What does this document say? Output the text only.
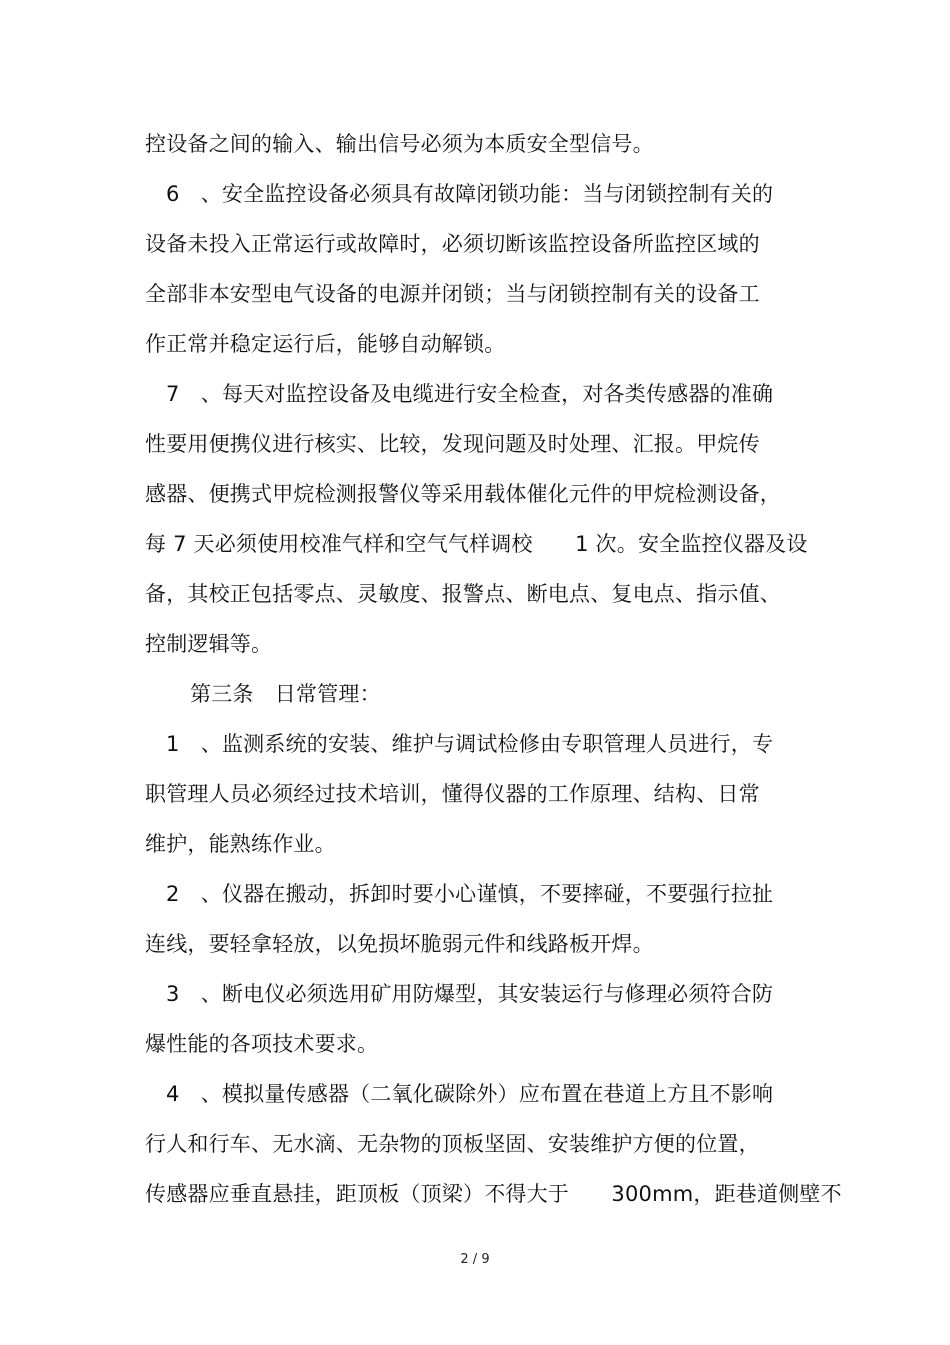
控设备之间的输入、输出信号必须为本质安全型信号。
6　、安全监控设备必须具有故障闭锁功能：当与闭锁控制有关的
设备未投入正常运行或故障时，必须切断该监控设备所监控区域的
全部非本安型电气设备的电源并闭锁；当与闭锁控制有关的设备工
作正常并稳定运行后，能够自动解锁。
7　、每天对监控设备及电缆进行安全检查，对各类传感器的准确
性要用便携仪进行核实、比较，发现问题及时处理、汇报。甲烷传
感器、便携式甲烷检测报警仪等采用载体催化元件的甲烷检测设备，
每 7 天必须使用校准气样和空气气样调校　　1 次。安全监控仪器及设
备，其校正包括零点、灵敏度、报警点、断电点、复电点、指示值、
控制逻辑等。
第三条　日常管理：
1　、监测系统的安装、维护与调试检修由专职管理人员进行，专
职管理人员必须经过技术培训，懂得仪器的工作原理、结构、日常
维护，能熟练作业。
2　、仪器在搬动，拆卸时要小心谨慎，不要摔碰，不要强行拉扯
连线，要轻拿轻放，以免损坏脆弱元件和线路板开焊。
3　、断电仪必须选用矿用防爆型，其安装运行与修理必须符合防
爆性能的各项技术要求。
4　、模拟量传感器（二氧化碳除外）应布置在巷道上方且不影响
行人和行车、无水滴、无杂物的顶板坚固、安装维护方便的位置，
传感器应垂直悬挂，距顶板（顶梁）不得大于　　300mm，距巷道侧壁不
2 / 9
